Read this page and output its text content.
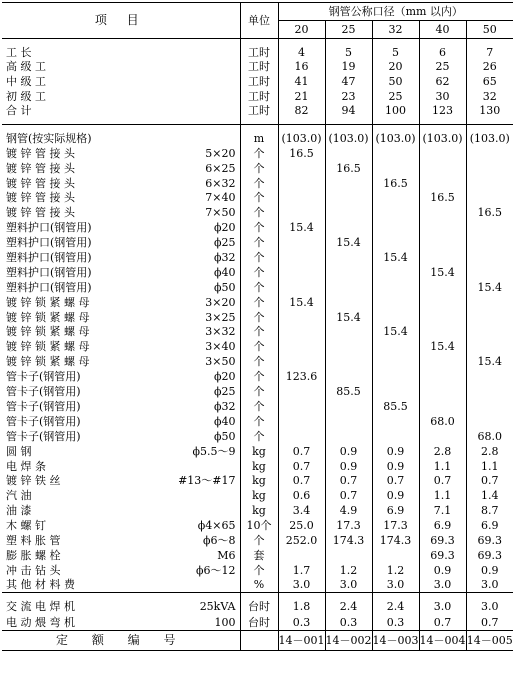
项 目	单位	钢管公称口径（mm 以内）				
		20	25	32	40	50

工 长	工时	4	5	5	6	7

高 级 工	工时	16	19	20	25	26

中 级 工	工时	41	47	50	62	65

初 级 工	工时	21	23	25	30	32

合 计	工时	82	94	100	123	130

钢管(按实际规格)	m	(103.0)	(103.0)	(103.0)	(103.0)	(103.0)

镀 锌 管 接 头 5×20	个	16.5				

镀 锌 管 接 头 6×25	个		16.5			

镀 锌 管 接 头 6×32	个			16.5		

镀 锌 管 接 头 7×40	个				16.5	

镀 锌 管 接 头 7×50	个					16.5

塑料护口(钢管用) ϕ20	个	15.4				

塑料护口(钢管用) ϕ25	个		15.4			

塑料护口(钢管用) ϕ32	个			15.4		

塑料护口(钢管用) ϕ40	个				15.4	

塑料护口(钢管用) ϕ50	个					15.4

镀 锌 锁 紧 螺 母 3×20	个	15.4				

镀 锌 锁 紧 螺 母 3×25	个		15.4			

镀 锌 锁 紧 螺 母 3×32	个			15.4		

镀 锌 锁 紧 螺 母 3×40	个				15.4	

镀 锌 锁 紧 螺 母 3×50	个					15.4

管卡子(钢管用) ϕ20	个	123.6				

管卡子(钢管用) ϕ25	个		85.5			

管卡子(钢管用) ϕ32	个			85.5		

管卡子(钢管用) ϕ40	个				68.0	

管卡子(钢管用) ϕ50	个					68.0

圆 钢 ϕ5.5～9	kg	0.7	0.9	0.9	2.8	2.8

电 焊 条	kg	0.7	0.9	0.9	1.1	1.1

镀 锌 铁 丝 #13～#17	kg	0.7	0.7	0.7	0.7	0.7

汽 油	kg	0.6	0.7	0.9	1.1	1.4

油 漆	kg	3.4	4.9	6.9	7.1	8.7

木 螺 钉 ϕ4×65	10个	25.0	17.3	17.3	6.9	6.9

塑 料 胀 管 ϕ6～8	个	252.0	174.3	174.3	69.3	69.3

膨 胀 螺 栓 M6	套				69.3	69.3

冲 击 钻 头 ϕ6～12	个	1.7	1.2	1.2	0.9	0.9

其 他 材 料 费	%	3.0	3.0	3.0	3.0	3.0

交 流 电 焊 机 25kVA	台时	1.8	2.4	2.4	3.0	3.0

电 动 煨 弯 机 100	台时	0.3	0.3	0.3	0.7	0.7
定 额 编 号		14－001	14－002	14－003	14－004	14－005
